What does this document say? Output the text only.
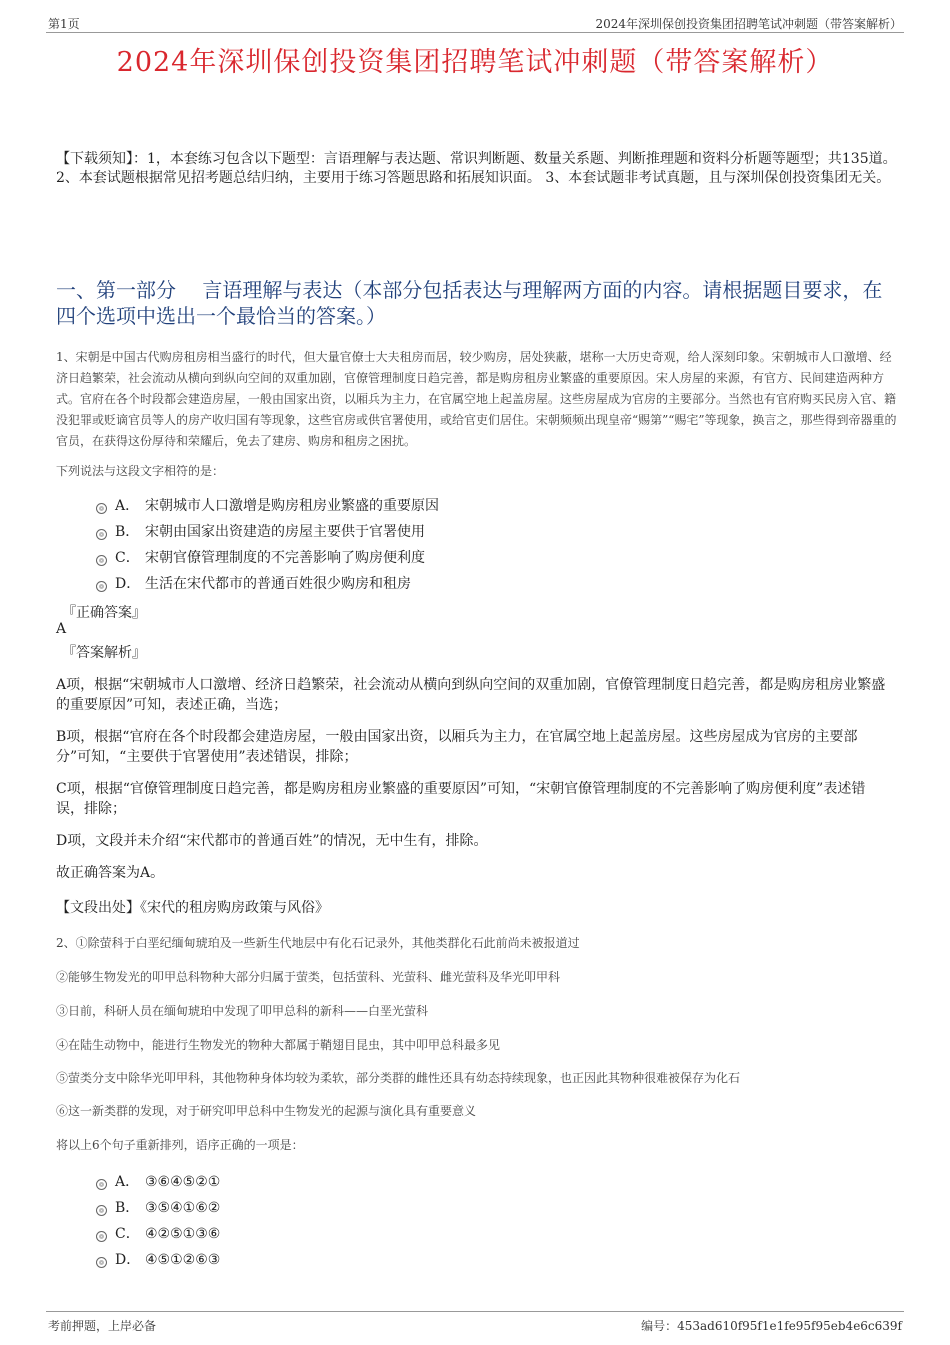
第1页	2024年深圳保创投资集团招聘笔试冲刺题（带答案解析）
2024年深圳保创投资集团招聘笔试冲刺题（带答案解析）
【下载须知】：1，本套练习包含以下题型：言语理解与表达题、常识判断题、数量关系题、判断推理题和资料分析题等题型；共135道。 2、本套试题根据常见招考题总结归纳，主要用于练习答题思路和拓展知识面。 3、本套试题非考试真题，且与深圳保创投资集团无关。
一、第一部分　 言语理解与表达（本部分包括表达与理解两方面的内容。请根据题目要求，在四个选项中选出一个最恰当的答案。）
1、宋朝是中国古代购房租房相当盛行的时代，但大量官僚士大夫租房而居，较少购房，居处狭蔽，堪称一大历史奇观，给人深刻印象。宋朝城市人口激增、经济日趋繁荣，社会流动从横向到纵向空间的双重加剧，官僚管理制度日趋完善，都是购房租房业繁盛的重要原因。宋人房屋的来源，有官方、民间建造两种方式。官府在各个时段都会建造房屋，一般由国家出资，以厢兵为主力，在官属空地上起盖房屋。这些房屋成为官房的主要部分。当然也有官府购买民房入官、籍没犯罪或贬谪官员等人的房产收归国有等现象，这些官房或供官署使用，或给官吏们居住。宋朝频频出现皇帝“赐第”“赐宅”等现象，换言之，那些得到帝器重的官员，在获得这份厚待和荣耀后，免去了建房、购房和租房之困扰。
下列说法与这段文字相符的是：
A． 宋朝城市人口激增是购房租房业繁盛的重要原因
B． 宋朝由国家出资建造的房屋主要供于官署使用
C． 宋朝官僚管理制度的不完善影响了购房便利度
D． 生活在宋代都市的普通百姓很少购房和租房
『正确答案』
A
『答案解析』
A项，根据“宋朝城市人口激增、经济日趋繁荣，社会流动从横向到纵向空间的双重加剧，官僚管理制度日趋完善，都是购房租房业繁盛的重要原因”可知，表述正确，当选；
B项，根据“官府在各个时段都会建造房屋，一般由国家出资，以厢兵为主力，在官属空地上起盖房屋。这些房屋成为官房的主要部分”可知，“主要供于官署使用”表述错误，排除；
C项，根据“官僚管理制度日趋完善，都是购房租房业繁盛的重要原因”可知，“宋朝官僚管理制度的不完善影响了购房便利度”表述错误，排除；
D项，文段并未介绍“宋代都市的普通百姓”的情况，无中生有，排除。
故正确答案为A。
【文段出处】《宋代的租房购房政策与风俗》
2、①除萤科于白垩纪缅甸琥珀及一些新生代地层中有化石记录外，其他类群化石此前尚未被报道过
②能够生物发光的叩甲总科物种大部分归属于萤类，包括萤科、光萤科、雌光萤科及华光叩甲科
③日前，科研人员在缅甸琥珀中发现了叩甲总科的新科——白垩光萤科
④在陆生动物中，能进行生物发光的物种大都属于鞘翅目昆虫，其中叩甲总科最多见
⑤萤类分支中除华光叩甲科，其他物种身体均较为柔软，部分类群的雌性还具有幼态持续现象，也正因此其物种很难被保存为化石
⑥这一新类群的发现，对于研究叩甲总科中生物发光的起源与演化具有重要意义
将以上6个句子重新排列，语序正确的一项是：
A． ③⑥④⑤②①
B． ③⑤④①⑥②
C． ④②⑤①③⑥
D． ④⑤①②⑥③
考前押题，上岸必备	编号：453ad610f95f1e1fe95f95eb4e6c639f
